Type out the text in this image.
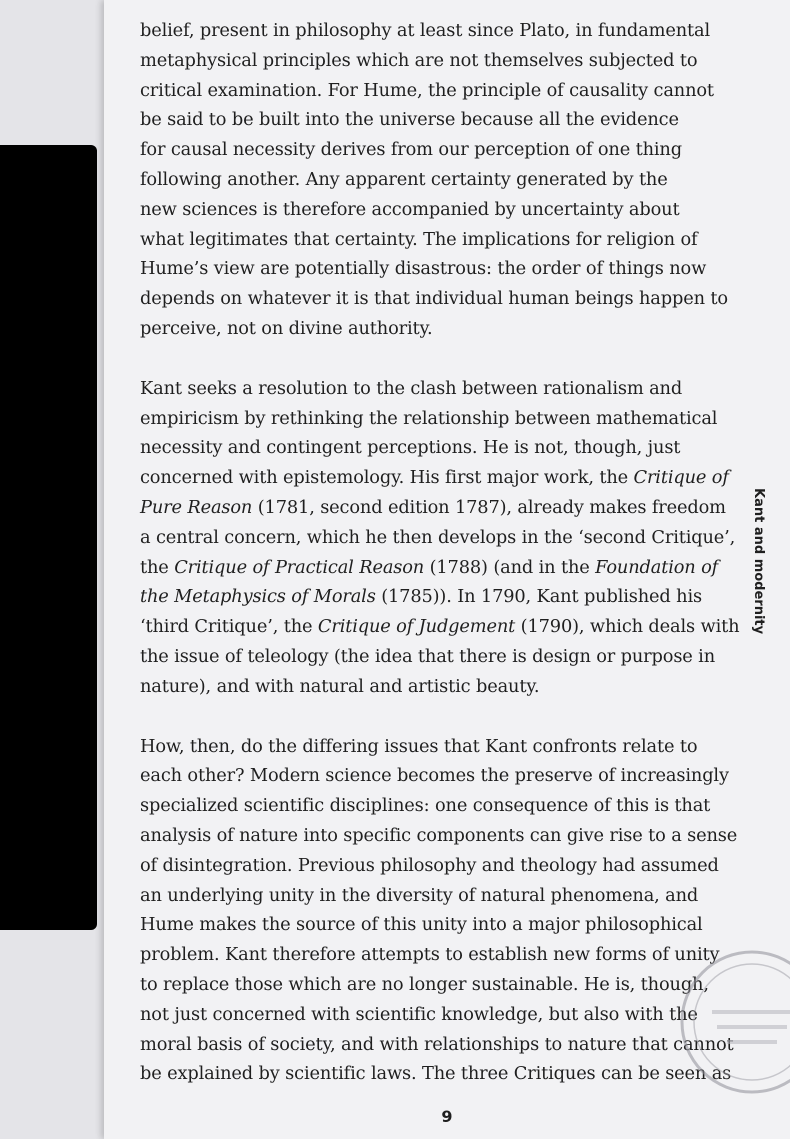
belief, present in philosophy at least since Plato, in fundamental
metaphysical principles which are not themselves subjected to
critical examination. For Hume, the principle of causality cannot
be said to be built into the universe because all the evidence
for causal necessity derives from our perception of one thing
following another. Any apparent certainty generated by the
new sciences is therefore accompanied by uncertainty about
what legitimates that certainty. The implications for religion of
Hume’s view are potentially disastrous: the order of things now
depends on whatever it is that individual human beings happen to
perceive, not on divine authority.

Kant seeks a resolution to the clash between rationalism and
empiricism by rethinking the relationship between mathematical
necessity and contingent perceptions. He is not, though, just
concerned with epistemology. His first major work, the Critique of
Pure Reason (1781, second edition 1787), already makes freedom
a central concern, which he then develops in the ‘second Critique’,
the Critique of Practical Reason (1788) (and in the Foundation of
the Metaphysics of Morals (1785)). In 1790, Kant published his
‘third Critique’, the Critique of Judgement (1790), which deals with
the issue of teleology (the idea that there is design or purpose in
nature), and with natural and artistic beauty.

How, then, do the differing issues that Kant confronts relate to
each other? Modern science becomes the preserve of increasingly
specialized scientific disciplines: one consequence of this is that
analysis of nature into specific components can give rise to a sense
of disintegration. Previous philosophy and theology had assumed
an underlying unity in the diversity of natural phenomena, and
Hume makes the source of this unity into a major philosophical
problem. Kant therefore attempts to establish new forms of unity
to replace those which are no longer sustainable. He is, though,
not just concerned with scientific knowledge, but also with the
moral basis of society, and with relationships to nature that cannot
be explained by scientific laws. The three Critiques can be seen as

Kant and modernity
9
